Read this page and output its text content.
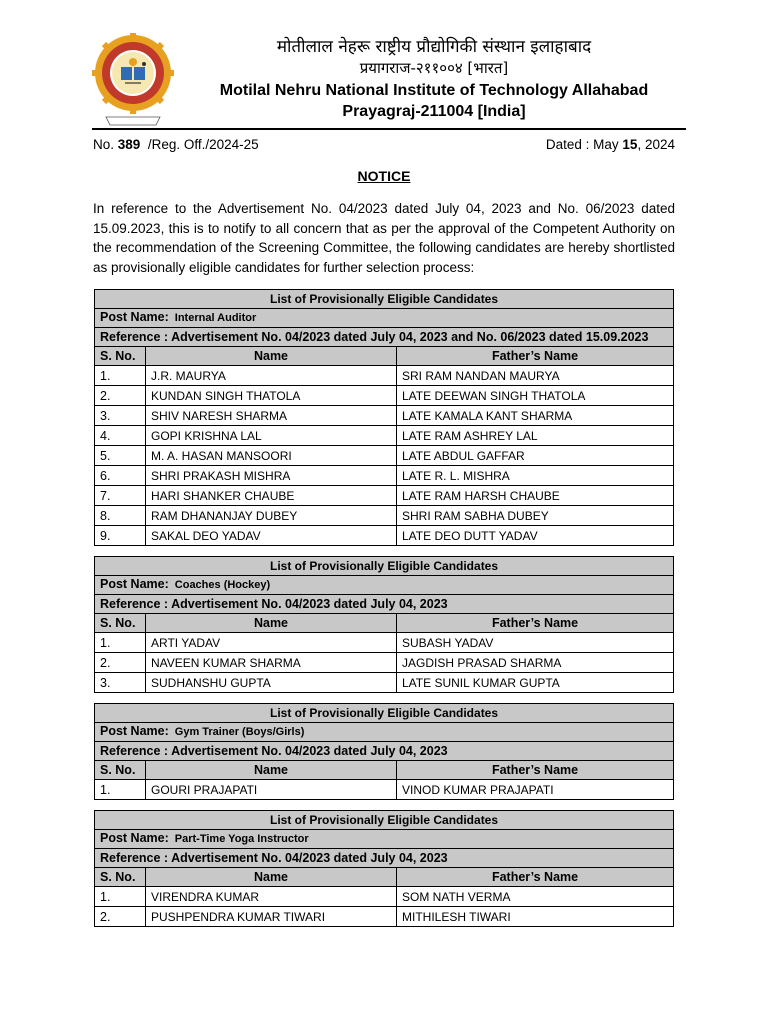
मोतीलाल नेहरू राष्ट्रीय प्रौद्योगिकी संस्थान इलाहाबाद
प्रयागराज-२११००४ [भारत]
Motilal Nehru National Institute of Technology Allahabad
Prayagraj-211004 [India]
No. 389 /Reg. Off./2024-25	Dated : May 15, 2024
NOTICE
In reference to the Advertisement No. 04/2023 dated July 04, 2023 and No. 06/2023 dated 15.09.2023, this is to notify to all concern that as per the approval of the Competent Authority on the recommendation of the Screening Committee, the following candidates are hereby shortlisted as provisionally eligible candidates for further selection process:
List of Provisionally Eligible Candidates		
Post Name: Internal Auditor		
Reference : Advertisement No. 04/2023 dated July 04, 2023 and No. 06/2023 dated 15.09.2023		
S. No.	Name	Father’s Name
1.	J.R. MAURYA	SRI RAM NANDAN MAURYA
2.	KUNDAN SINGH THATOLA	LATE DEEWAN SINGH THATOLA
3.	SHIV NARESH SHARMA	LATE KAMALA KANT SHARMA
4.	GOPI KRISHNA LAL	LATE RAM ASHREY LAL
5.	M. A. HASAN MANSOORI	LATE ABDUL GAFFAR
6.	SHRI PRAKASH MISHRA	LATE R. L. MISHRA
7.	HARI SHANKER CHAUBE	LATE RAM HARSH CHAUBE
8.	RAM DHANANJAY DUBEY	SHRI RAM SABHA DUBEY
9.	SAKAL DEO YADAV	LATE DEO DUTT YADAV
List of Provisionally Eligible Candidates		
Post Name: Coaches (Hockey)		
Reference : Advertisement No. 04/2023 dated July 04, 2023		
S. No.	Name	Father’s Name
1.	ARTI YADAV	SUBASH YADAV
2.	NAVEEN KUMAR SHARMA	JAGDISH PRASAD SHARMA
3.	SUDHANSHU GUPTA	LATE SUNIL KUMAR GUPTA
List of Provisionally Eligible Candidates		
Post Name: Gym Trainer (Boys/Girls)		
Reference : Advertisement No. 04/2023 dated July 04, 2023		
S. No.	Name	Father’s Name
1.	GOURI PRAJAPATI	VINOD KUMAR PRAJAPATI
List of Provisionally Eligible Candidates		
Post Name: Part-Time Yoga Instructor		
Reference : Advertisement No. 04/2023 dated July 04, 2023		
S. No.	Name	Father’s Name
1.	VIRENDRA KUMAR	SOM NATH VERMA
2.	PUSHPENDRA KUMAR TIWARI	MITHILESH TIWARI
